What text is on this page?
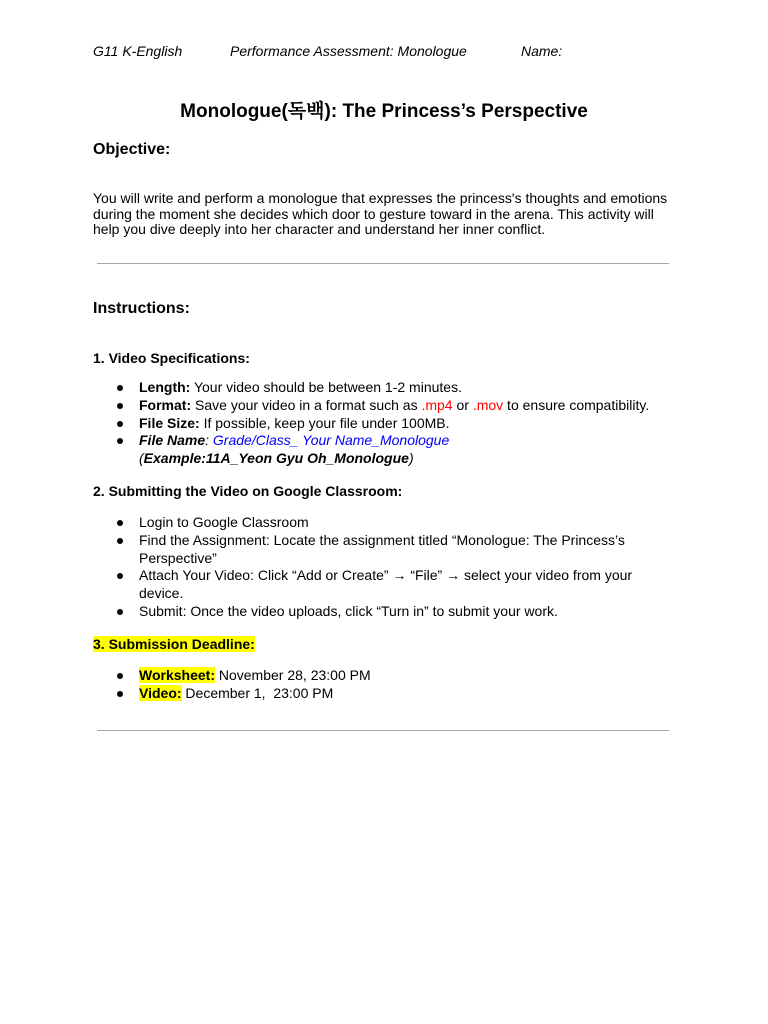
G11 K-English	Performance Assessment: Monologue	Name:
Monologue(독백): The Princess’s Perspective
Objective:
You will write and perform a monologue that expresses the princess's thoughts and emotions during the moment she decides which door to gesture toward in the arena. This activity will help you dive deeply into her character and understand her inner conflict.
Instructions:
1. Video Specifications:
Length: Your video should be between 1-2 minutes.
Format: Save your video in a format such as .mp4 or .mov to ensure compatibility.
File Size: If possible, keep your file under 100MB.
File Name: Grade/Class_ Your Name_Monologue
(Example:11A_Yeon Gyu Oh_Monologue)
2. Submitting the Video on Google Classroom:
Login to Google Classroom
Find the Assignment: Locate the assignment titled “Monologue: The Princess’s Perspective”
Attach Your Video: Click “Add or Create” → “File” → select your video from your device.
Submit: Once the video uploads, click “Turn in” to submit your work.
3. Submission Deadline:
Worksheet: November 28, 23:00 PM
Video: December 1,  23:00 PM
